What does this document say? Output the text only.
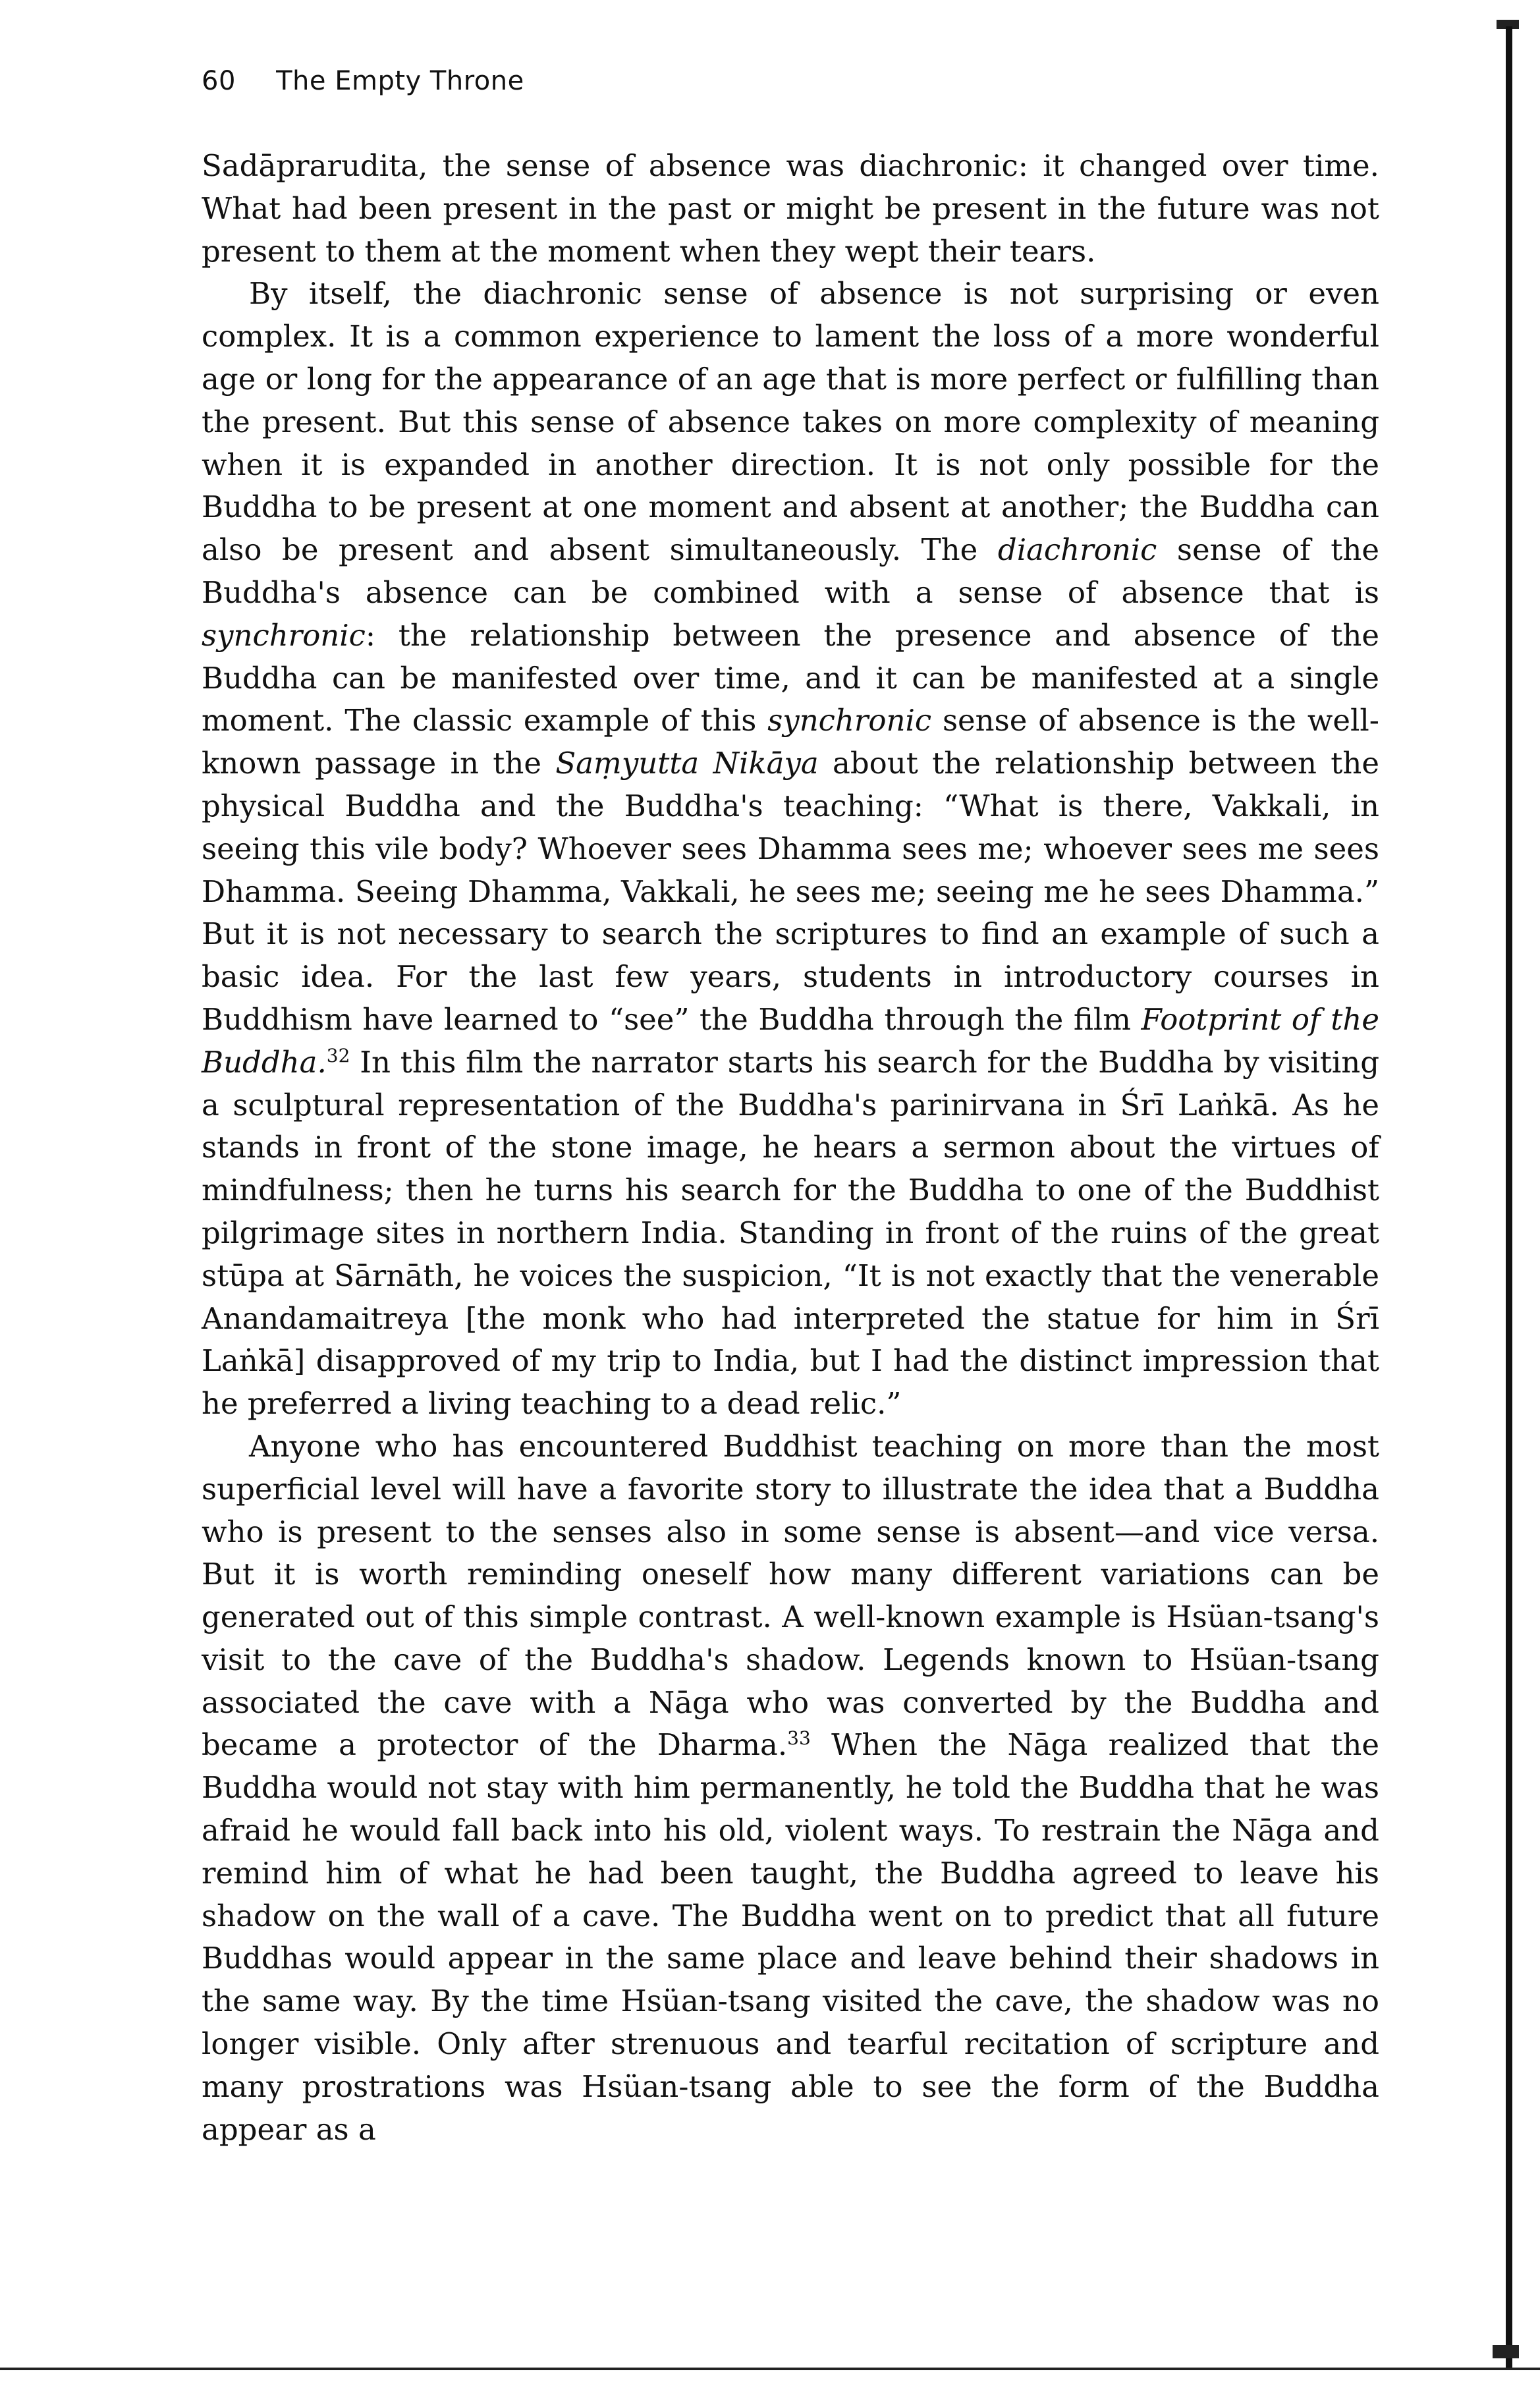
60 The Empty Throne

Sadāprarudita, the sense of absence was diachronic: it changed over time. What had been present in the past or might be present in the future was not present to them at the moment when they wept their tears.

By itself, the diachronic sense of absence is not surprising or even complex. It is a common experience to lament the loss of a more wonderful age or long for the appearance of an age that is more perfect or fulfilling than the present. But this sense of absence takes on more complexity of meaning when it is expanded in another direction. It is not only possible for the Buddha to be present at one moment and absent at another; the Buddha can also be present and absent simultaneously. The diachronic sense of the Buddha's absence can be combined with a sense of absence that is synchronic: the relationship between the presence and absence of the Buddha can be manifested over time, and it can be manifested at a single moment. The classic example of this synchronic sense of absence is the well-known passage in the Saṃyutta Nikāya about the relationship between the physical Buddha and the Buddha's teaching: “What is there, Vakkali, in seeing this vile body? Whoever sees Dhamma sees me; whoever sees me sees Dhamma. Seeing Dhamma, Vakkali, he sees me; seeing me he sees Dhamma.” But it is not necessary to search the scriptures to find an example of such a basic idea. For the last few years, students in introductory courses in Buddhism have learned to “see” the Buddha through the film Footprint of the Buddha.$^{32}$ In this film the narrator starts his search for the Buddha by visiting a sculptural representation of the Buddha's parinirvana in Śrī Laṅkā. As he stands in front of the stone image, he hears a sermon about the virtues of mindfulness; then he turns his search for the Buddha to one of the Buddhist pilgrimage sites in northern India. Standing in front of the ruins of the great stūpa at Sārnāth, he voices the suspicion, “It is not exactly that the venerable Anandamaitreya [the monk who had interpreted the statue for him in Śrī Laṅkā] disapproved of my trip to India, but I had the distinct impression that he preferred a living teaching to a dead relic.”

Anyone who has encountered Buddhist teaching on more than the most superficial level will have a favorite story to illustrate the idea that a Buddha who is present to the senses also in some sense is absent—and vice versa. But it is worth reminding oneself how many different variations can be generated out of this simple contrast. A well-known example is Hsüan-tsang's visit to the cave of the Buddha's shadow. Legends known to Hsüan-tsang associated the cave with a Nāga who was converted by the Buddha and became a protector of the Dharma.$^{33}$ When the Nāga realized that the Buddha would not stay with him permanently, he told the Buddha that he was afraid he would fall back into his old, violent ways. To restrain the Nāga and remind him of what he had been taught, the Buddha agreed to leave his shadow on the wall of a cave. The Buddha went on to predict that all future Buddhas would appear in the same place and leave behind their shadows in the same way. By the time Hsüan-tsang visited the cave, the shadow was no longer visible. Only after strenuous and tearful recitation of scripture and many prostrations was Hsüan-tsang able to see the form of the Buddha appear as a
